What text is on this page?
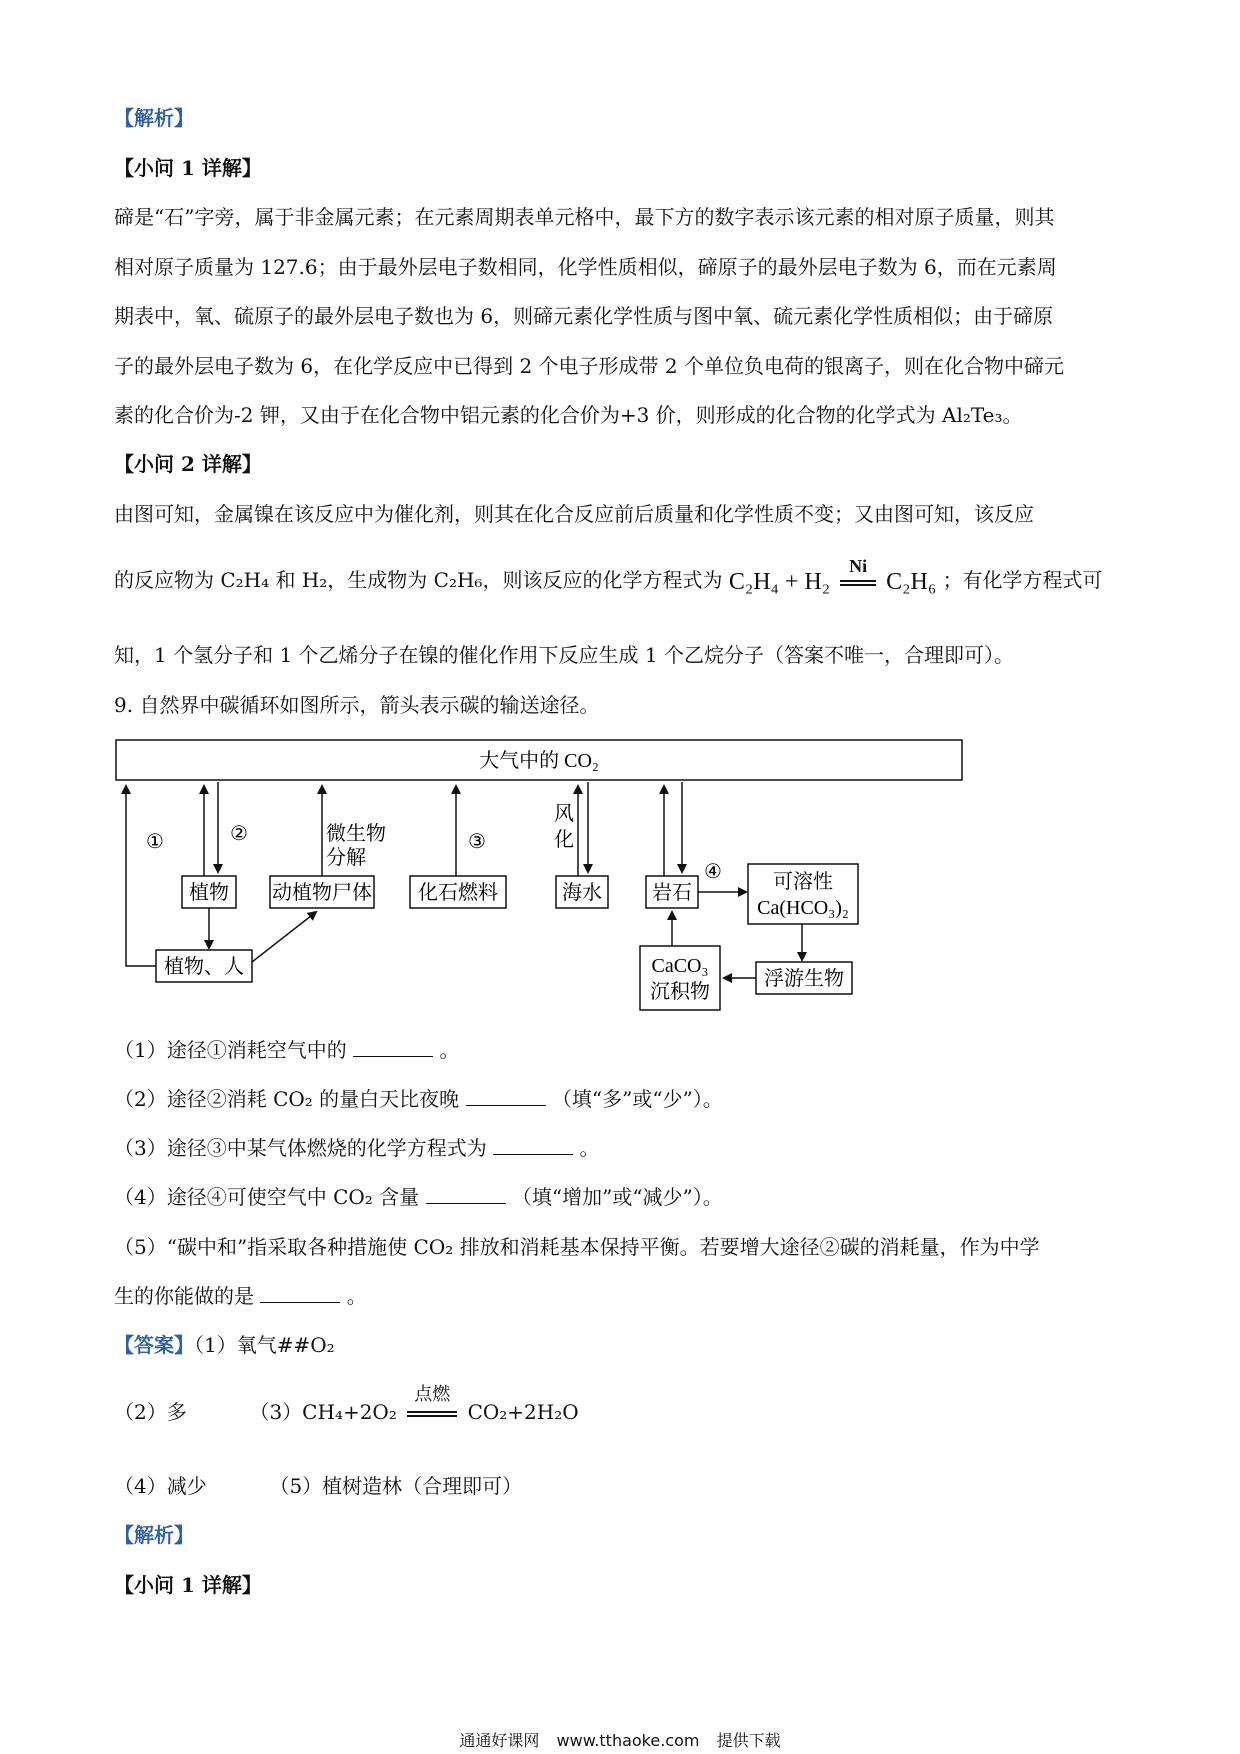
【解析】
【小问 1 详解】
碲是“石”字旁，属于非金属元素；在元素周期表单元格中，最下方的数字表示该元素的相对原子质量，则其
相对原子质量为 127.6；由于最外层电子数相同，化学性质相似，碲原子的最外层电子数为 6，而在元素周
期表中，氧、硫原子的最外层电子数也为 6，则碲元素化学性质与图中氧、硫元素化学性质相似；由于碲原
子的最外层电子数为 6，在化学反应中已得到 2 个电子形成带 2 个单位负电荷的银离子，则在化合物中碲元
素的化合价为-2 钾，又由于在化合物中铝元素的化合价为+3 价，则形成的化合物的化学式为 Al₂Te₃。
【小问 2 详解】
由图可知，金属镍在该反应中为催化剂，则其在化合反应前后质量和化学性质不变；又由图可知，该反应
的反应物为 C₂H₄ 和 H₂，生成物为 C₂H₆，则该反应的化学方程式为 C₂H₄ + H₂
Ni
C₂H₆ ；有化学方程式可
知，1 个氢分子和 1 个乙烯分子在镍的催化作用下反应生成 1 个乙烷分子（答案不唯一，合理即可）。
9. 自然界中碳循环如图所示，箭头表示碳的输送途径。
大气中的 CO₂
①	②
植物
植物、人
微生物
分解
动植物尸体
③
化石燃料
风
化
海水	岩石
④	可溶性
Ca(HCO₃)₂
浮游生物
CaCO₃
沉积物
（1）途径①消耗空气中的	。
（2）途径②消耗 CO₂ 的量白天比夜晚	（填“多”或“少”）。
（3）途径③中某气体燃烧的化学方程式为	。
（4）途径④可使空气中 CO₂ 含量	（填“增加”或“减少”）。
（5）“碳中和”指采取各种措施使 CO₂ 排放和消耗基本保持平衡。若要增大途径②碳的消耗量，作为中学
生的你能做的是	。
【答案】（1）氧气##O₂
（2）多	（3）CH₄+2O₂
点燃
CO₂+2H₂O
（4）减少	（5）植树造林（合理即可）
【解析】
【小问 1 详解】
通通好课网 www.tthaoke.com 提供下载
